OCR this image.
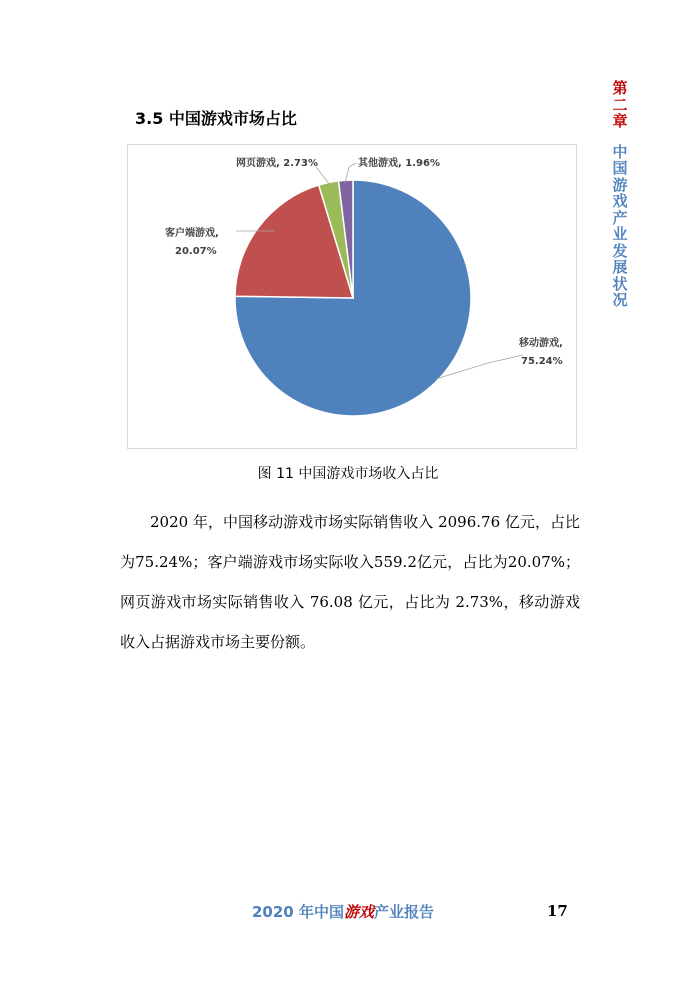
第
二
章
中
国
游
戏
产
业
发
展
状
况
3.5 中国游戏市场占比
移动游戏,
75.24%
客户端游戏,
20.07%
网页游戏, 2.73%	其他游戏, 1.96%
图 11 中国游戏市场收入占比
2020 年，中国移动游戏市场实际销售收入 2096.76 亿元，占比为75.24%；客户端游戏市场实际收入559.2亿元，占比为20.07%；网页游戏市场实际销售收入 76.08 亿元，占比为 2.73%，移动游戏收入占据游戏市场主要份额。
2020 年中国游戏产业报告	17
